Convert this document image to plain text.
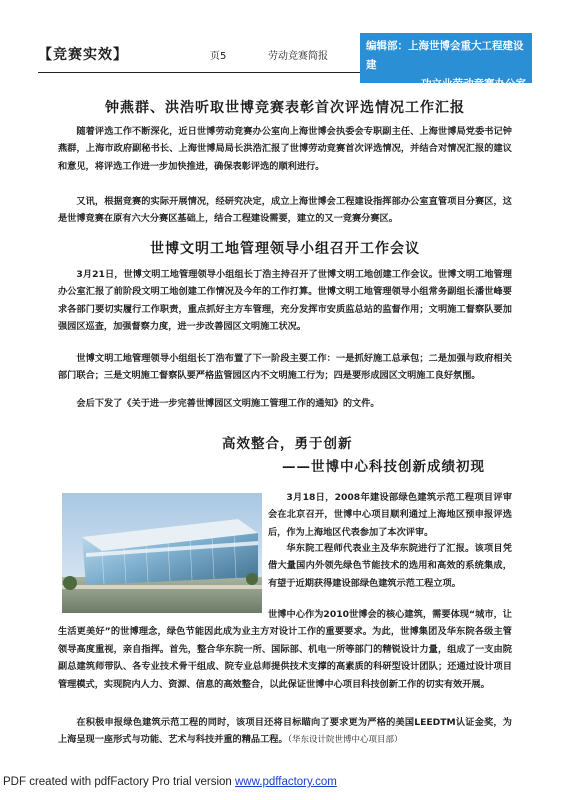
【竞赛实效】	页5	劳动竞赛简报
编辑部：上海世博会重大工程建设建
功立业劳动竞赛办公室
钟燕群、洪浩听取世博竞赛表彰首次评选情况工作汇报

随着评选工作不断深化，近日世博劳动竞赛办公室向上海世博会执委会专职副主任、上海世博局党委书记钟燕群，上海市政府副秘书长、上海世博局局长洪浩汇报了世博劳动竞赛首次评选情况，并结合对情况汇报的建议和意见，将评选工作进一步加快推进，确保表彰评选的顺利进行。

又讯，根据竞赛的实际开展情况，经研究决定，成立上海世博会工程建设指挥部办公室直管项目分赛区，这是世博竞赛在原有六大分赛区基础上，结合工程建设需要，建立的又一竞赛分赛区。

世博文明工地管理领导小组召开工作会议

3月21日，世博文明工地管理领导小组组长丁浩主持召开了世博文明工地创建工作会议。世博文明工地管理办公室汇报了前阶段文明工地创建工作情况及今年的工作打算。世博文明工地管理领导小组常务副组长潘世峰要求各部门要切实履行工作职责，重点抓好主方车管理，充分发挥市安质监总站的监督作用；文明施工督察队要加强园区巡查，加强督察力度，进一步改善园区文明施工状况。

世博文明工地管理领导小组组长丁浩布置了下一阶段主要工作：一是抓好施工总承包；二是加强与政府相关部门联合；三是文明施工督察队要严格监管园区内不文明施工行为；四是要形成园区文明施工良好氛围。

会后下发了《关于进一步完善世博园区文明施工管理工作的通知》的文件。

高效整合，勇于创新
——世博中心科技创新成绩初现

3月18日，2008年建设部绿色建筑示范工程项目评审会在北京召开，世博中心项目顺利通过上海地区预申报评选后，作为上海地区代表参加了本次评审。

华东院工程师代表业主及华东院进行了汇报。该项目凭借大量国内外领先绿色节能技术的选用和高效的系统集成，有望于近期获得建设部绿色建筑示范工程立项。

世博中心作为2010世博会的核心建筑，需要体现“城市，让生活更美好”的世博理念，绿色节能因此成为业主方对设计工作的重要要求。为此，世博集团及华东院各级主管领导高度重视，亲自指挥。首先，整合华东院一所、国际部、机电一所等部门的精锐设计力量，组成了一支由院副总建筑师带队、各专业技术骨干组成、院专业总师提供技术支撑的高素质的科研型设计团队；还通过设计项目管理模式，实现院内人力、资源、信息的高效整合，以此保证世博中心项目科技创新工作的切实有效开展。

在积极申报绿色建筑示范工程的同时，该项目还将目标瞄向了要求更为严格的美国LEEDTM认证金奖，为上海呈现一座形式与功能、艺术与科技并重的精品工程。（华东设计院世博中心项目部）

PDF created with pdfFactory Pro trial version www.pdffactory.com
